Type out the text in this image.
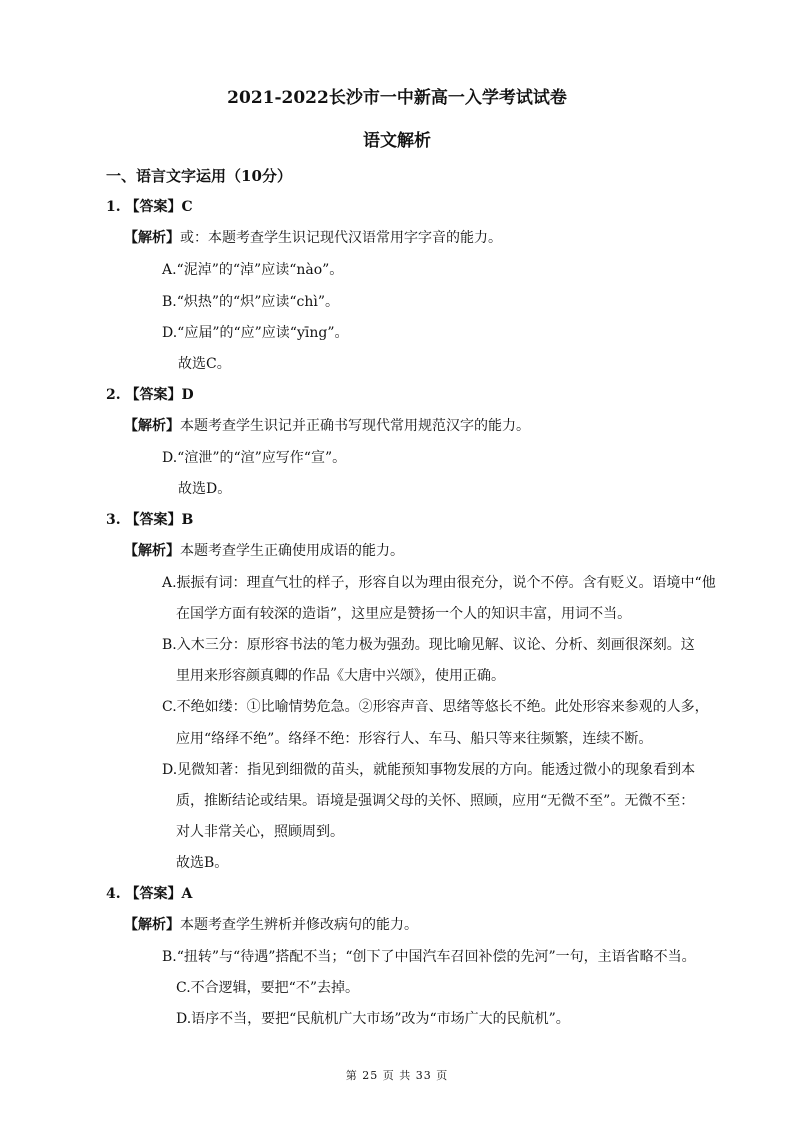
2021-2022长沙市一中新高一入学考试试卷
语文解析
一、语言文字运用（10分）
1. 【答案】C
【解析】或：本题考查学生识记现代汉语常用字字音的能力。
A.“泥淖”的“淖”应读“nào”。
B.“炽热”的“炽”应读“chì”。
D.“应届”的“应”应读“yīng”。
故选C。
2. 【答案】D
【解析】本题考查学生识记并正确书写现代常用规范汉字的能力。
D.“渲泄”的“渲”应写作“宣”。
故选D。
3. 【答案】B
【解析】本题考查学生正确使用成语的能力。
A.振振有词：理直气壮的样子，形容自以为理由很充分，说个不停。含有贬义。语境中“他
在国学方面有较深的造诣”，这里应是赞扬一个人的知识丰富，用词不当。
B.入木三分：原形容书法的笔力极为强劲。现比喻见解、议论、分析、刻画很深刻。这
里用来形容颜真卿的作品《大唐中兴颂》，使用正确。
C.不绝如缕：①比喻情势危急。②形容声音、思绪等悠长不绝。此处形容来参观的人多，
应用“络绎不绝”。络绎不绝：形容行人、车马、船只等来往频繁，连续不断。
D.见微知著：指见到细微的苗头，就能预知事物发展的方向。能透过微小的现象看到本
质，推断结论或结果。语境是强调父母的关怀、照顾，应用“无微不至”。无微不至：
对人非常关心，照顾周到。
故选B。
4. 【答案】A
【解析】本题考查学生辨析并修改病句的能力。
B.“扭转”与“待遇”搭配不当；“创下了中国汽车召回补偿的先河”一句，主语省略不当。
C.不合逻辑，要把“不”去掉。
D.语序不当，要把“民航机广大市场”改为“市场广大的民航机”。
第 25 页 共 33 页
